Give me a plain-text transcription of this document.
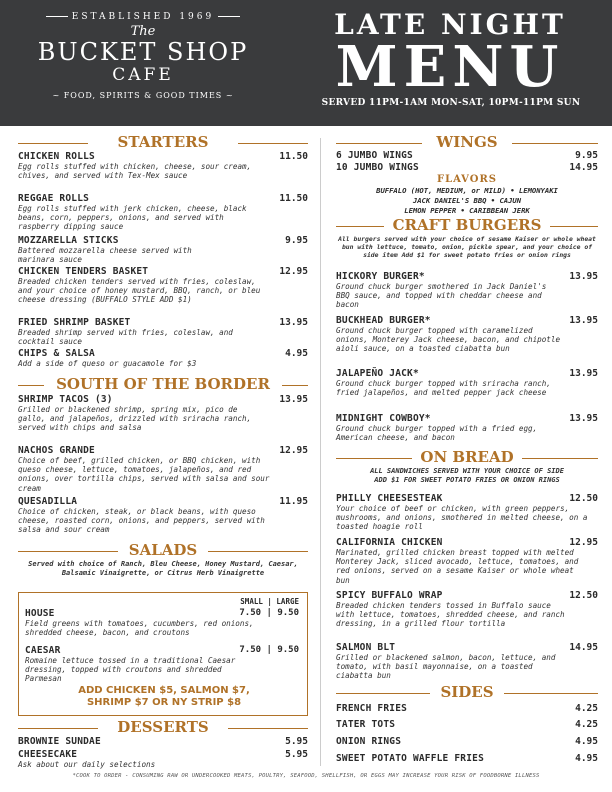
ESTABLISHED 1969
The
BUCKET SHOP
CAFE
~ FOOD, SPIRITS & GOOD TIMES ~
LATE NIGHT
MENU
SERVED 11PM-1AM MON-SAT, 10PM-11PM SUN
STARTERS
CHICKEN ROLLS	11.50
Egg rolls stuffed with chicken, cheese, sour cream, chives, and served with Tex-Mex sauce
REGGAE ROLLS	11.50
Egg rolls stuffed with jerk chicken, cheese, black beans, corn, peppers, onions, and served with raspberry dipping sauce
MOZZARELLA STICKS	9.95
Battered mozzarella cheese served with marinara sauce
CHICKEN TENDERS BASKET	12.95
Breaded chicken tenders served with fries, coleslaw, and your choice of honey mustard, BBQ, ranch, or bleu cheese dressing (BUFFALO STYLE ADD $1)
FRIED SHRIMP BASKET	13.95
Breaded shrimp served with fries, coleslaw, and cocktail sauce
CHIPS & SALSA	4.95
Add a side of queso or guacamole for $3
SOUTH OF THE BORDER
SHRIMP TACOS (3)	13.95
Grilled or blackened shrimp, spring mix, pico de gallo, and jalapeños, drizzled with sriracha ranch, served with chips and salsa
NACHOS GRANDE	12.95
Choice of beef, grilled chicken, or BBQ chicken, with queso cheese, lettuce, tomatoes, jalapeños, and red onions, over tortilla chips, served with salsa and sour cream
QUESADILLA	11.95
Choice of chicken, steak, or black beans, with queso cheese, roasted corn, onions, and peppers, served with salsa and sour cream
SALADS
Served with choice of Ranch, Bleu Cheese, Honey Mustard, Caesar, Balsamic Vinaigrette, or Citrus Herb Vinaigrette
SMALL | LARGE
HOUSE	7.50 | 9.50
Field greens with tomatoes, cucumbers, red onions, shredded cheese, bacon, and croutons
CAESAR	7.50 | 9.50
Romaine lettuce tossed in a traditional Caesar dressing, topped with croutons and shredded Parmesan
ADD CHICKEN $5, SALMON $7,
SHRIMP $7 OR NY STRIP $8
DESSERTS
BROWNIE SUNDAE	5.95
CHEESECAKE	5.95
Ask about our daily selections
WINGS
6 JUMBO WINGS	9.95
10 JUMBO WINGS	14.95
FLAVORS
BUFFALO (HOT, MEDIUM, or MILD) • LEMONYAKI
JACK DANIEL'S BBQ • CAJUN
LEMON PEPPER • CARIBBEAN JERK
CRAFT BURGERS
All burgers served with your choice of sesame Kaiser or whole wheat bun with lettuce, tomato, onion, pickle spear, and your choice of side item Add $1 for sweet potato fries or onion rings
HICKORY BURGER*	13.95
Ground chuck burger smothered in Jack Daniel's BBQ sauce, and topped with cheddar cheese and bacon
BUCKHEAD BURGER*	13.95
Ground chuck burger topped with caramelized onions, Monterey Jack cheese, bacon, and chipotle aioli sauce, on a toasted ciabatta bun
JALAPEÑO JACK*	13.95
Ground chuck burger topped with sriracha ranch, fried jalapeños, and melted pepper jack cheese
MIDNIGHT COWBOY*	13.95
Ground chuck burger topped with a fried egg, American cheese, and bacon
ON BREAD
ALL SANDWICHES SERVED WITH YOUR CHOICE OF SIDE
ADD $1 FOR SWEET POTATO FRIES OR ONION RINGS
PHILLY CHEESESTEAK	12.50
Your choice of beef or chicken, with green peppers, mushrooms, and onions, smothered in melted cheese, on a toasted hoagie roll
CALIFORNIA CHICKEN	12.95
Marinated, grilled chicken breast topped with melted Monterey Jack, sliced avocado, lettuce, tomatoes, and red onions, served on a sesame Kaiser or whole wheat bun
SPICY BUFFALO WRAP	12.50
Breaded chicken tenders tossed in Buffalo sauce with lettuce, tomatoes, shredded cheese, and ranch dressing, in a grilled flour tortilla
SALMON BLT	14.95
Grilled or blackened salmon, bacon, lettuce, and tomato, with basil mayonnaise, on a toasted ciabatta bun
SIDES
FRENCH FRIES	4.25
TATER TOTS	4.25
ONION RINGS	4.95
SWEET POTATO WAFFLE FRIES	4.95
*COOK TO ORDER - CONSUMING RAW OR UNDERCOOKED MEATS, POULTRY, SEAFOOD, SHELLFISH, OR EGGS MAY INCREASE YOUR RISK OF FOODBORNE ILLNESS
